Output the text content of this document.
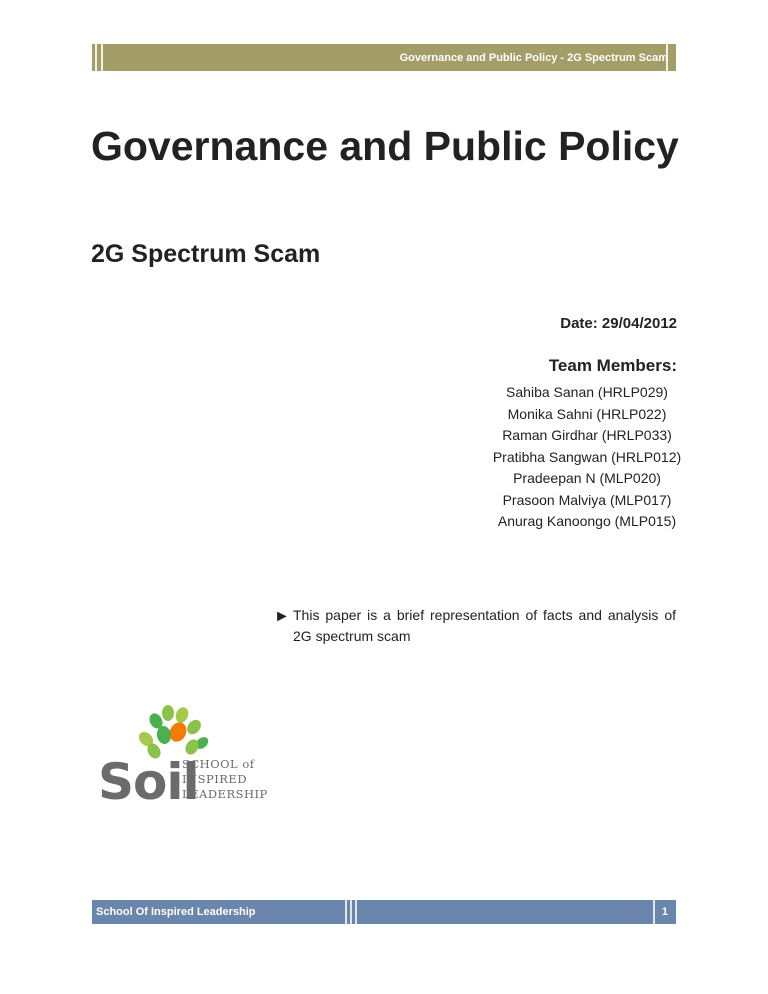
Governance and Public Policy - 2G Spectrum Scam
Governance and Public Policy
2G Spectrum Scam
Date: 29/04/2012
Team Members:
Sahiba Sanan (HRLP029)
Monika Sahni (HRLP022)
Raman Girdhar (HRLP033)
Pratibha Sangwan (HRLP012)
Pradeepan N (MLP020)
Prasoon Malviya (MLP017)
Anurag Kanoongo (MLP015)
► This paper is a brief representation of facts and analysis of 2G spectrum scam

Soil
SCHOOL of
INSPIRED
LEADERSHIP
School Of Inspired Leadership	1
